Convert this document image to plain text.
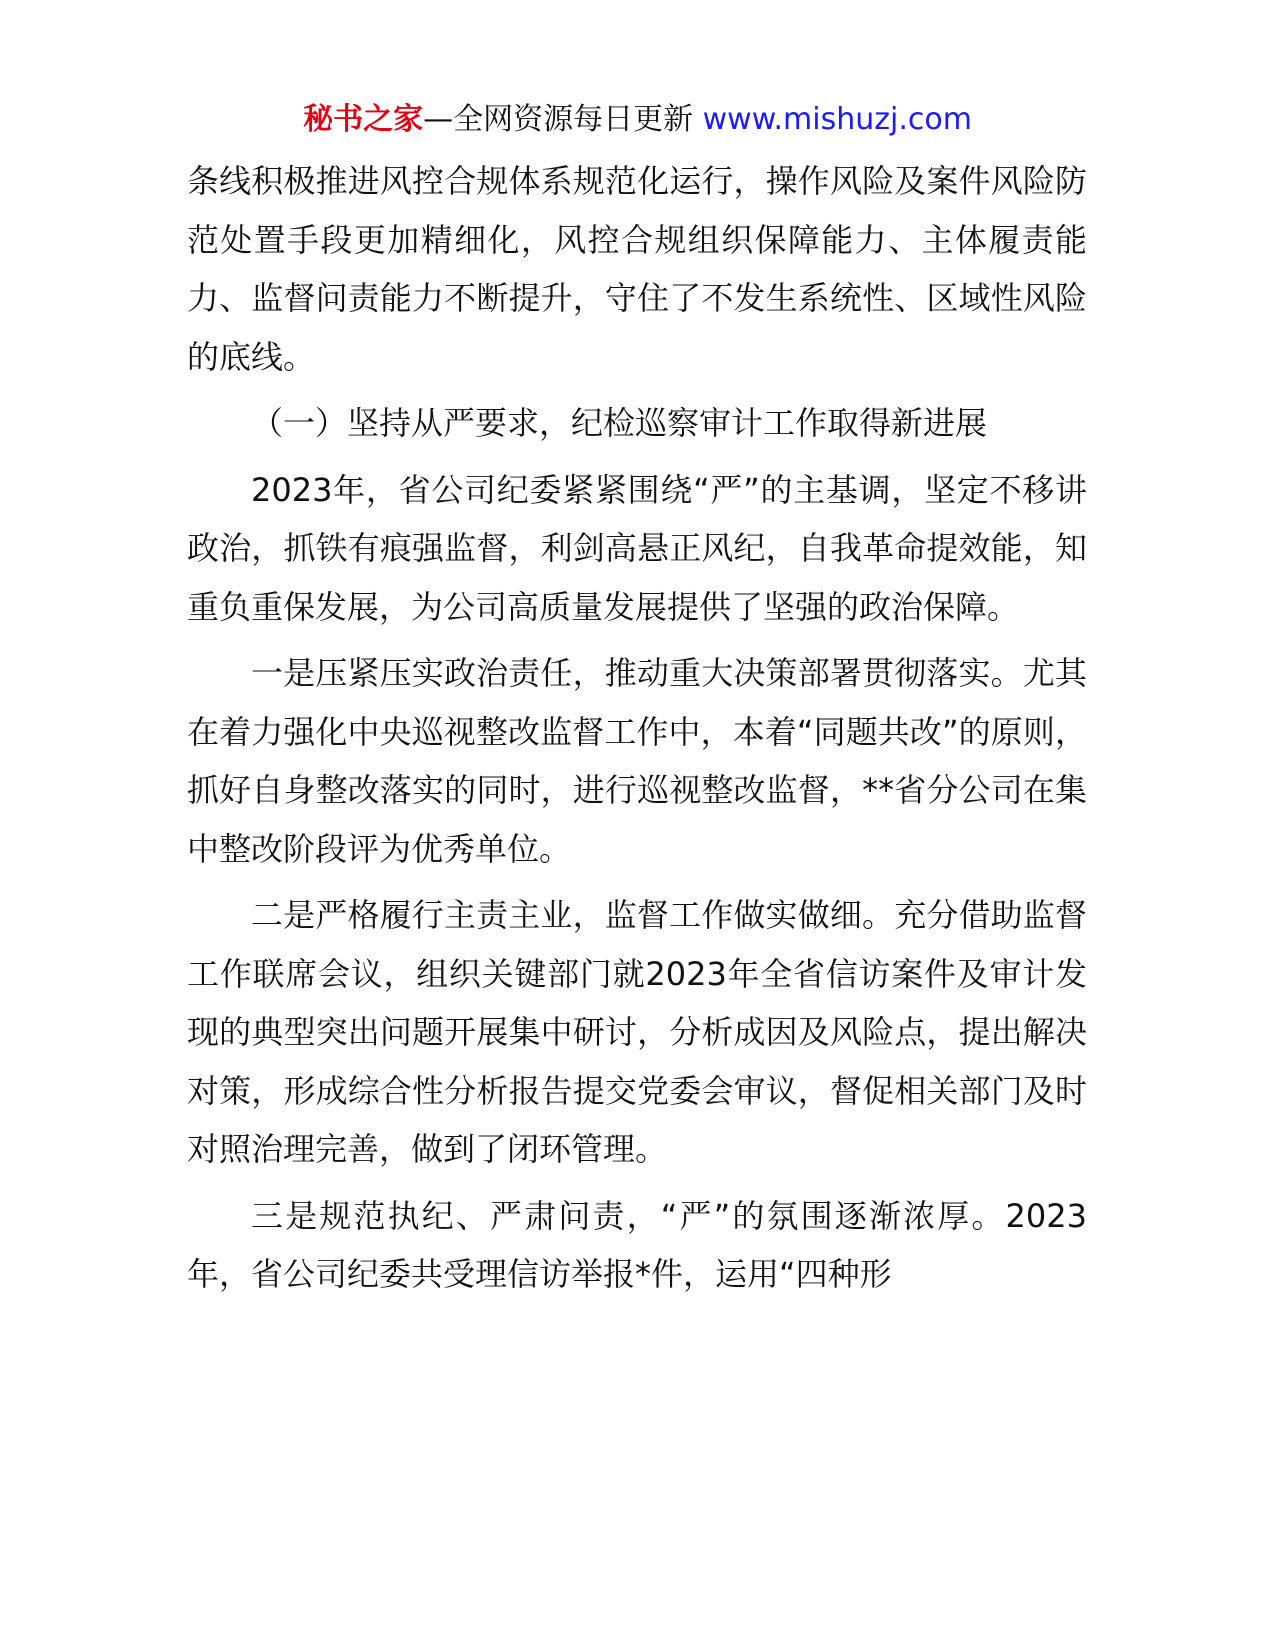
秘书之家—全网资源每日更新 www.mishuzj.com

条线积极推进风控合规体系规范化运行，操作风险及案件风险防范处置手段更加精细化，风控合规组织保障能力、主体履责能力、监督问责能力不断提升，守住了不发生系统性、区域性风险的底线。

（一）坚持从严要求，纪检巡察审计工作取得新进展

2023年，省公司纪委紧紧围绕“严”的主基调，坚定不移讲政治，抓铁有痕强监督，利剑高悬正风纪，自我革命提效能，知重负重保发展，为公司高质量发展提供了坚强的政治保障。

一是压紧压实政治责任，推动重大决策部署贯彻落实。尤其在着力强化中央巡视整改监督工作中，本着“同题共改”的原则，抓好自身整改落实的同时，进行巡视整改监督，**省分公司在集中整改阶段评为优秀单位。

二是严格履行主责主业，监督工作做实做细。充分借助监督工作联席会议，组织关键部门就2023年全省信访案件及审计发现的典型突出问题开展集中研讨，分析成因及风险点，提出解决对策，形成综合性分析报告提交党委会审议，督促相关部门及时对照治理完善，做到了闭环管理。

三是规范执纪、严肃问责，“严”的氛围逐渐浓厚。2023年，省公司纪委共受理信访举报*件，运用“四种形
